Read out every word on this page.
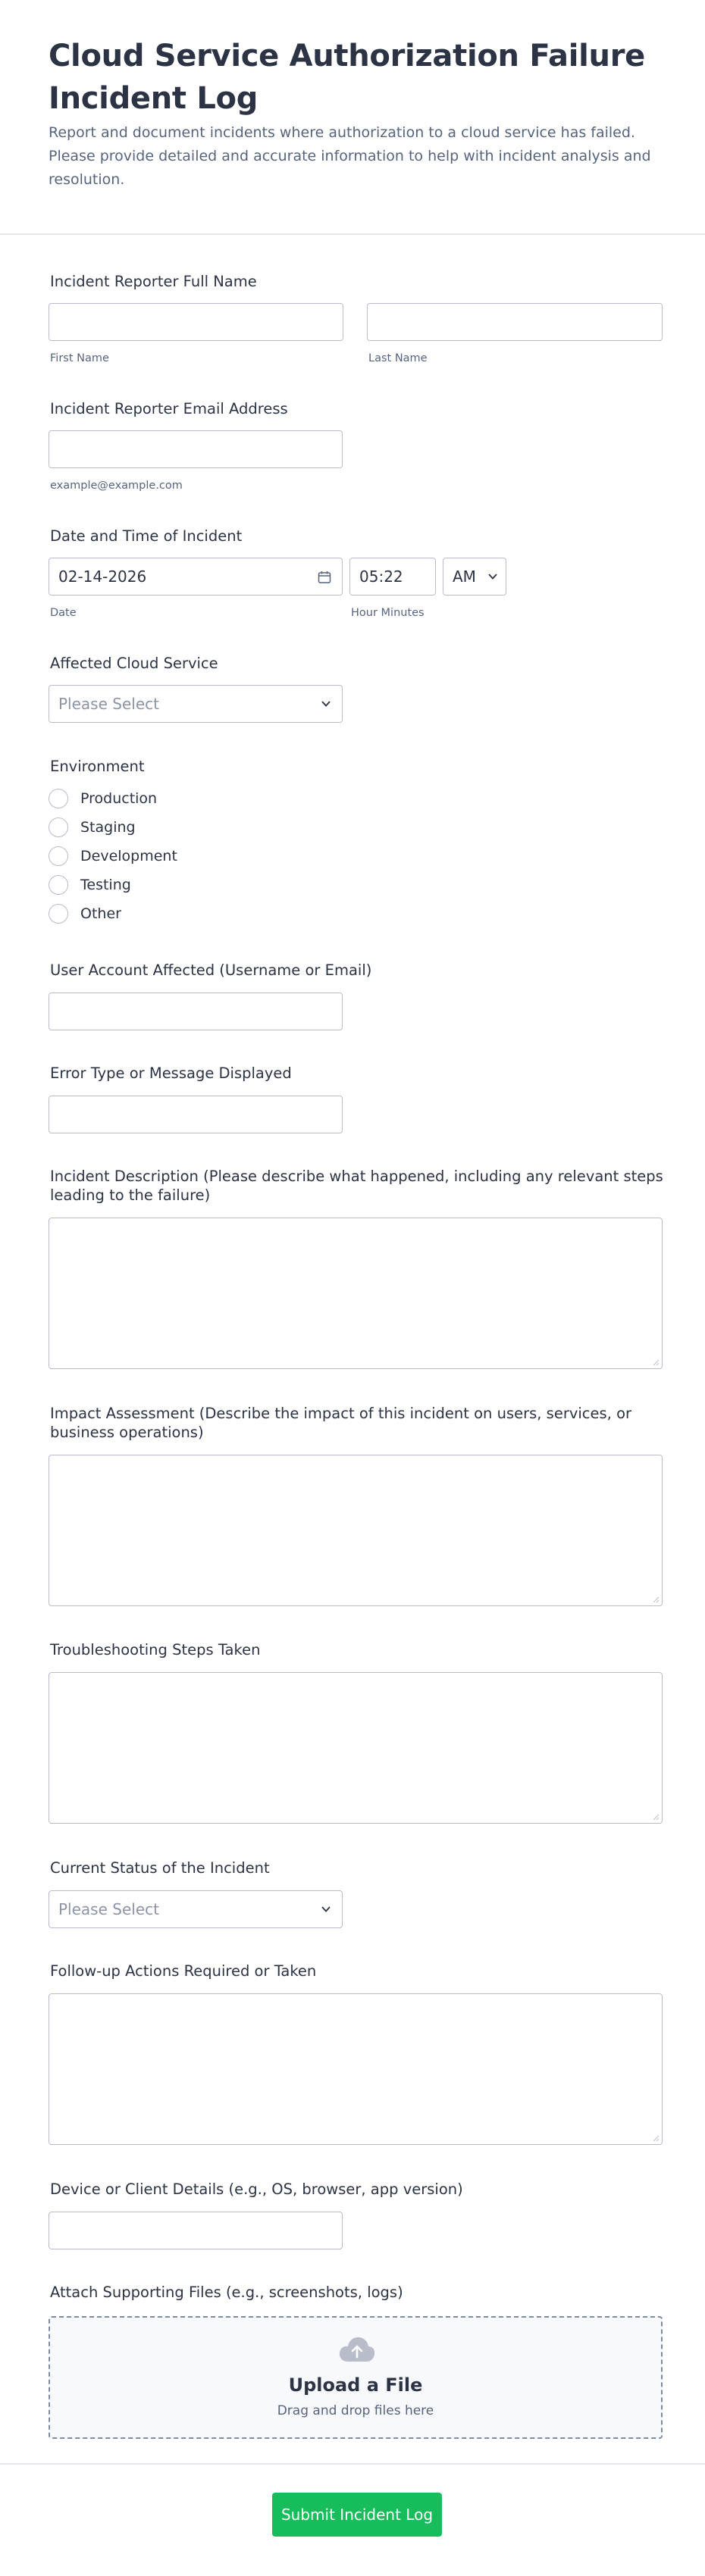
Cloud Service Authorization Failure Incident Log
Report and document incidents where authorization to a cloud service has failed. Please provide detailed and accurate information to help with incident analysis and resolution.
Incident Reporter Full Name
First Name	Last Name
Incident Reporter Email Address
example@example.com
Date and Time of Incident
02-14-2026	05:22	AM
Date	Hour Minutes
Affected Cloud Service
Please Select
Environment
Production
Staging
Development
Testing
Other
User Account Affected (Username or Email)
Error Type or Message Displayed
Incident Description (Please describe what happened, including any relevant steps leading to the failure)
Impact Assessment (Describe the impact of this incident on users, services, or business operations)
Troubleshooting Steps Taken
Current Status of the Incident
Please Select
Follow-up Actions Required or Taken
Device or Client Details (e.g., OS, browser, app version)
Attach Supporting Files (e.g., screenshots, logs)
Upload a File
Drag and drop files here
Submit Incident Log
